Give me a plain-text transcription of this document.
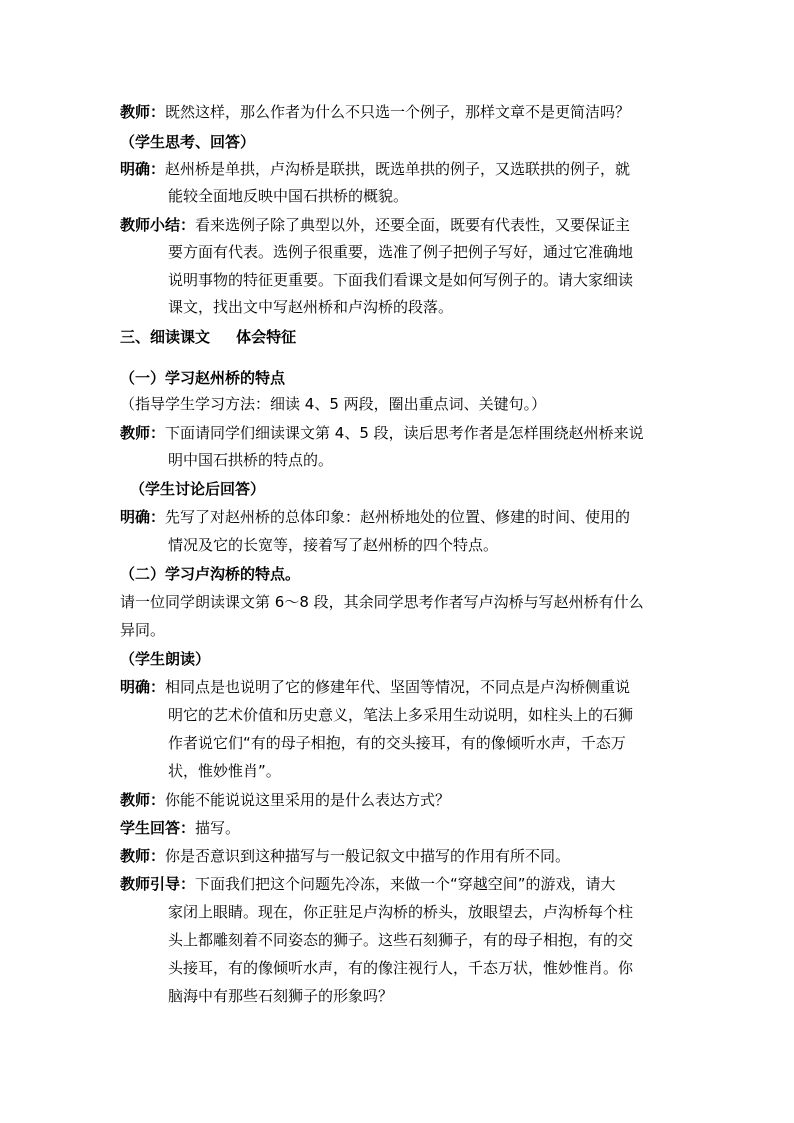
教师：既然这样，那么作者为什么不只选一个例子，那样文章不是更简洁吗？
（学生思考、回答）
明确：赵州桥是单拱，卢沟桥是联拱，既选单拱的例子，又选联拱的例子，就
能较全面地反映中国石拱桥的概貌。
教师小结：看来选例子除了典型以外，还要全面，既要有代表性，又要保证主
要方面有代表。选例子很重要，选准了例子把例子写好，通过它准确地
说明事物的特征更重要。下面我们看课文是如何写例子的。请大家细读
课文，找出文中写赵州桥和卢沟桥的段落。
三、细读课文     体会特征
（一）学习赵州桥的特点
（指导学生学习方法：细读 4、5 两段，圈出重点词、关键句。）
教师：下面请同学们细读课文第 4、5 段，读后思考作者是怎样围绕赵州桥来说
明中国石拱桥的特点的。
（学生讨论后回答）
明确：先写了对赵州桥的总体印象：赵州桥地处的位置、修建的时间、使用的
情况及它的长宽等，接着写了赵州桥的四个特点。
（二）学习卢沟桥的特点。
请一位同学朗读课文第 6～8 段，其余同学思考作者写卢沟桥与写赵州桥有什么
异同。
（学生朗读）
明确：相同点是也说明了它的修建年代、坚固等情况，不同点是卢沟桥侧重说
明它的艺术价值和历史意义，笔法上多采用生动说明，如柱头上的石狮
作者说它们“有的母子相抱，有的交头接耳，有的像倾听水声，千态万
状，惟妙惟肖”。
教师：你能不能说说这里采用的是什么表达方式？
学生回答：描写。
教师：你是否意识到这种描写与一般记叙文中描写的作用有所不同。
教师引导：下面我们把这个问题先冷冻，来做一个“穿越空间”的游戏，请大
家闭上眼睛。现在，你正驻足卢沟桥的桥头，放眼望去，卢沟桥每个柱
头上都雕刻着不同姿态的狮子。这些石刻狮子，有的母子相抱，有的交
头接耳，有的像倾听水声，有的像注视行人，千态万状，惟妙惟肖。你
脑海中有那些石刻狮子的形象吗？
